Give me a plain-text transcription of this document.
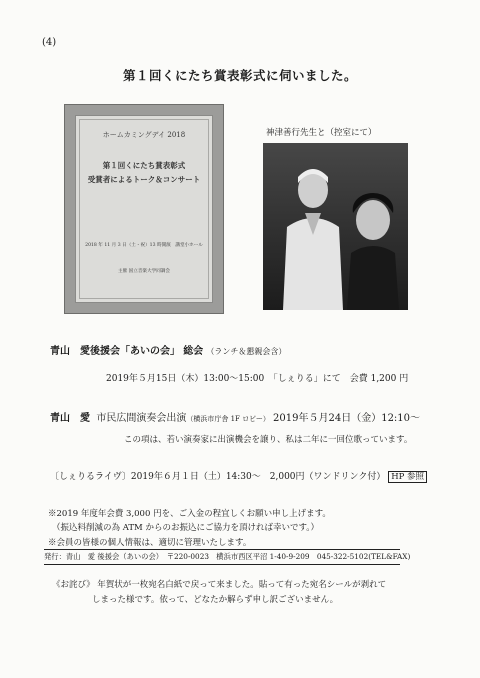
(4)
第１回くにたち賞表彰式に伺いました。
ホームカミングデイ 2018
第１回くにたち賞表彰式
受賞者によるトーク＆コンサート
2018 年 11 月 3 日（土・祝）13 時開演　講堂小ホール
主催 国立音楽大学同調会
神津善行先生と（控室にて）
青山　愛後援会「あいの会」 総会 （ランチ＆懇親会含）
2019年５月15日（木）13:00～15:00　「しぇりる」にて　会費 1,200 円
青山　愛 市民広間演奏会出演（横浜市庁舎 1F ロビー） 2019年５月24日（金）12:10～
この項は、若い演奏家に出演機会を譲り、私は二年に一回位歌っています。
〔しぇりるライヴ〕2019年６月１日（土）14:30～　2,000円（ワンドリンク付） HP 参照
※2019 年度年会費 3,000 円を、ご入金の程宜しくお願い申し上げます。
（振込料削減の為 ATM からのお振込にご協力を頂ければ幸いです。）
※会員の皆様の個人情報は、適切に管理いたします。
発行：青山　愛 後援会（あいの会）　〒220-0023　横浜市西区平沼 1-40-9-209　045-322-5102(TEL&FAX)
《お詫び》 年賀状が一枚宛名白紙で戻って来ました。貼って有った宛名シールが剥れて
しまった様です。依って、どなたか解らず申し訳ございません。
